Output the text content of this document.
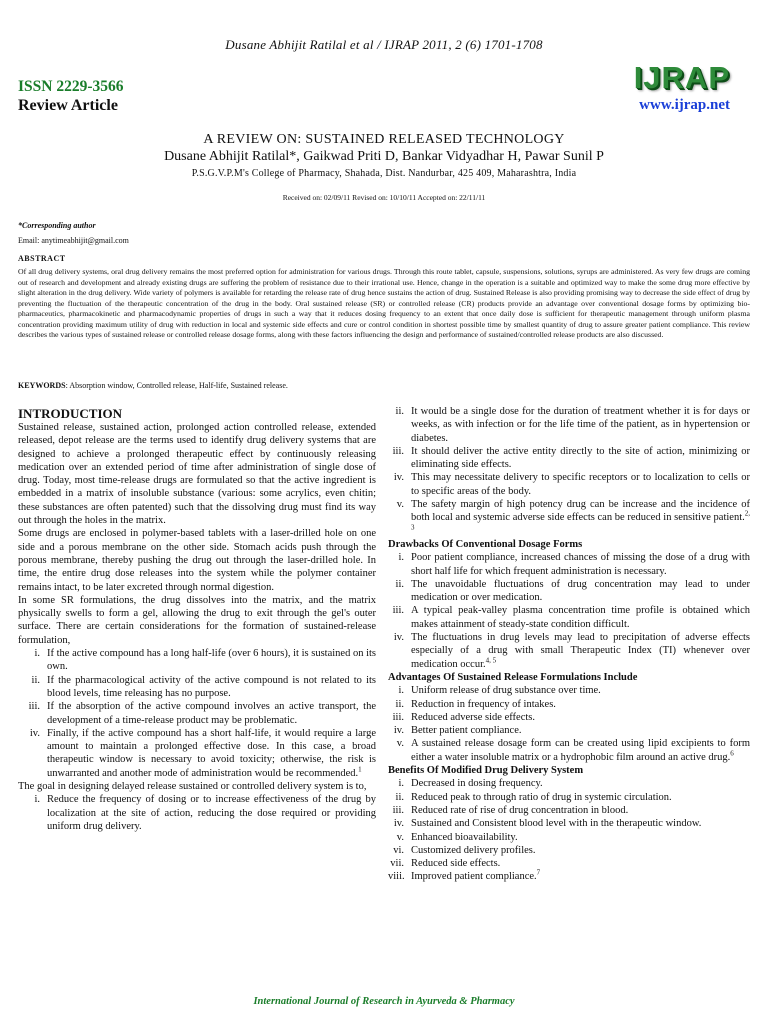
Dusane Abhijit Ratilal et al / IJRAP 2011, 2 (6) 1701-1708
ISSN 2229-3566
Review Article
IJRAP
www.ijrap.net
A REVIEW ON: SUSTAINED RELEASED TECHNOLOGY
Dusane Abhijit Ratilal*, Gaikwad Priti D, Bankar Vidyadhar H, Pawar Sunil P
P.S.G.V.P.M's College of Pharmacy, Shahada, Dist. Nandurbar, 425 409, Maharashtra, India
Received on: 02/09/11 Revised on: 10/10/11 Accepted on: 22/11/11
*Corresponding author
Email: anytimeabhijit@gmail.com
ABSTRACT
Of all drug delivery systems, oral drug delivery remains the most preferred option for administration for various drugs. Through this route tablet, capsule, suspensions, solutions, syrups are administered. As very few drugs are coming out of research and development and already existing drugs are suffering the problem of resistance due to their irrational use. Hence, change in the operation is a suitable and optimized way to make the some drug more effective by slight alteration in the drug delivery. Wide variety of polymers is available for retarding the release rate of drug hence sustains the action of drug. Sustained Release is also providing promising way to decrease the side effect of drug by preventing the fluctuation of the therapeutic concentration of the drug in the body. Oral sustained release (SR) or controlled release (CR) products provide an advantage over conventional dosage forms by optimizing bio-pharmaceutics, pharmacokinetic and pharmacodynamic properties of drugs in such a way that it reduces dosing frequency to an extent that once daily dose is sufficient for therapeutic management through uniform plasma concentration providing maximum utility of drug with reduction in local and systemic side effects and cure or control condition in shortest possible time by smallest quantity of drug to assure greater patient compliance. This review describes the various types of sustained release or controlled release dosage forms, along with these factors influencing the design and performance of sustained/controlled release products are also discussed.
KEYWORDS: Absorption window, Controlled release, Half-life, Sustained release.

INTRODUCTION

Sustained release, sustained action, prolonged action controlled release, extended released, depot release are the terms used to identify drug delivery systems that are designed to achieve a prolonged therapeutic effect by continuously releasing medication over an extended period of time after administration of single dose of drug. Today, most time-release drugs are formulated so that the active ingredient is embedded in a matrix of insoluble substance (various: some acrylics, even chitin; these substances are often patented) such that the dissolving drug must find its way out through the holes in the matrix.

Some drugs are enclosed in polymer-based tablets with a laser-drilled hole on one side and a porous membrane on the other side. Stomach acids push through the porous membrane, thereby pushing the drug out through the laser-drilled hole. In time, the entire drug dose releases into the system while the polymer container remains intact, to be later excreted through normal digestion.

In some SR formulations, the drug dissolves into the matrix, and the matrix physically swells to form a gel, allowing the drug to exit through the gel's outer surface. There are certain considerations for the formation of sustained-release formulation,

i. If the active compound has a long half-life (over 6 hours), it is sustained on its own.
ii. If the pharmacological activity of the active compound is not related to its blood levels, time releasing has no purpose.
iii. If the absorption of the active compound involves an active transport, the development of a time-release product may be problematic.
iv. Finally, if the active compound has a short half-life, it would require a large amount to maintain a prolonged effective dose. In this case, a broad therapeutic window is necessary to avoid toxicity; otherwise, the risk is unwarranted and another mode of administration would be recommended.$^1$

The goal in designing delayed release sustained or controlled delivery system is to,

i. Reduce the frequency of dosing or to increase effectiveness of the drug by localization at the site of action, reducing the dose required or providing uniform drug delivery.
ii. It would be a single dose for the duration of treatment whether it is for days or weeks, as with infection or for the life time of the patient, as in hypertension or diabetes.
iii. It should deliver the active entity directly to the site of action, minimizing or eliminating side effects.
iv. This may necessitate delivery to specific receptors or to localization to cells or to specific areas of the body.
v. The safety margin of high potency drug can be increase and the incidence of both local and systemic adverse side effects can be reduced in sensitive patient.$^{2, 3}$

Drawbacks Of Conventional Dosage Forms

i. Poor patient compliance, increased chances of missing the dose of a drug with short half life for which frequent administration is necessary.
ii. The unavoidable fluctuations of drug concentration may lead to under medication or over medication.
iii. A typical peak-valley plasma concentration time profile is obtained which makes attainment of steady-state condition difficult.
iv. The fluctuations in drug levels may lead to precipitation of adverse effects especially of a drug with small Therapeutic Index (TI) whenever over medication occur.$^{4, 5}$

Advantages Of Sustained Release Formulations Include

i. Uniform release of drug substance over time.
ii. Reduction in frequency of intakes.
iii. Reduced adverse side effects.
iv. Better patient compliance.
v. A sustained release dosage form can be created using lipid excipients to form either a water insoluble matrix or a hydrophobic film around an active drug.$^6$

Benefits Of Modified Drug Delivery System

i. Decreased in dosing frequency.
ii. Reduced peak to through ratio of drug in systemic circulation.
iii. Reduced rate of rise of drug concentration in blood.
iv. Sustained and Consistent blood level with in the therapeutic window.
v. Enhanced bioavailability.
vi. Customized delivery profiles.
vii. Reduced side effects.
viii. Improved patient compliance.$^7$
International Journal of Research in Ayurveda & Pharmacy
